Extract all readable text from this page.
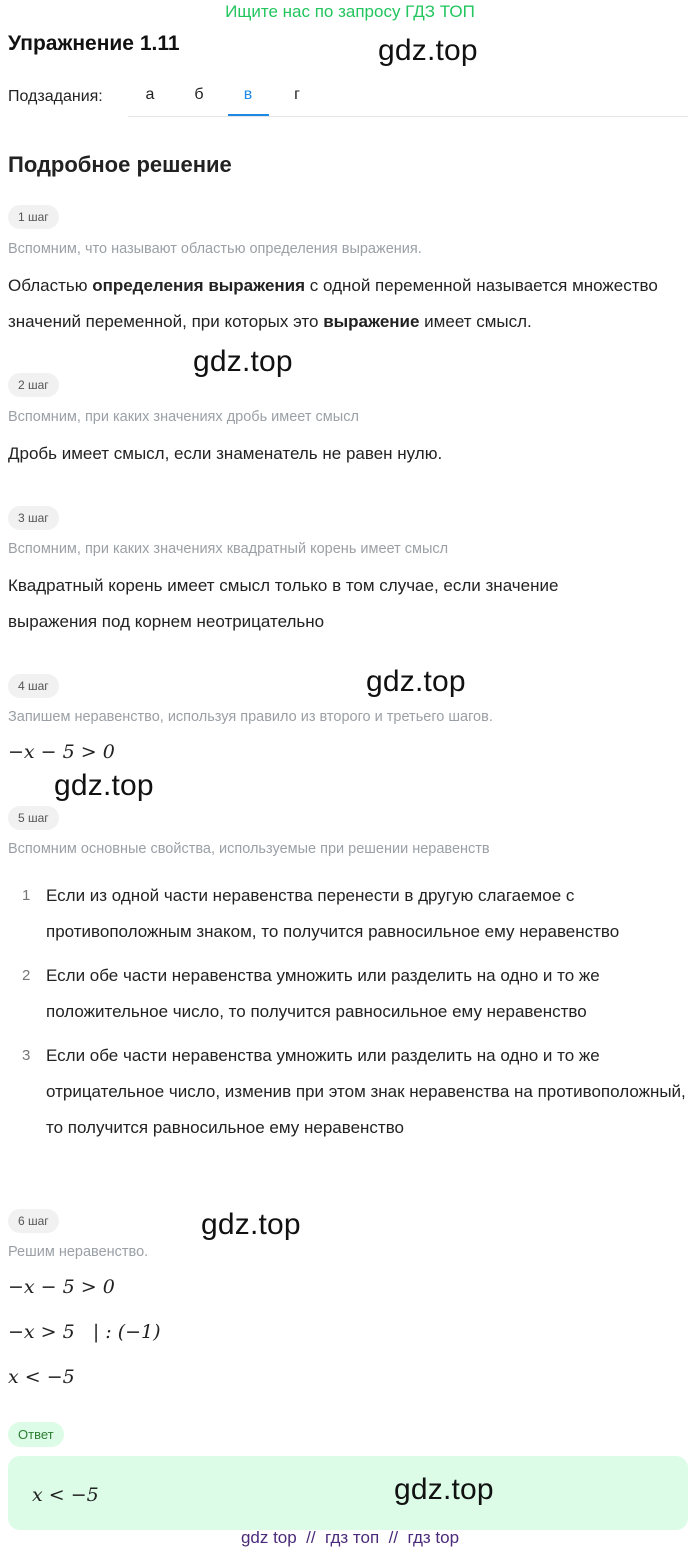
Ищите нас по запросу ГДЗ ТОП
Упражнение 1.11	gdz.top
Подзадания:	а	б	в	г
Подробное решение
1 шаг
Вспомним, что называют областью определения выражения.
Областью определения выражения с одной переменной называется множество значений переменной, при которых это выражение имеет смысл.
gdz.top
2 шаг
Вспомним, при каких значениях дробь имеет смысл
Дробь имеет смысл, если знаменатель не равен нулю.
3 шаг
Вспомним, при каких значениях квадратный корень имеет смысл
Квадратный корень имеет смысл только в том случае, если значение выражения под корнем неотрицательно
gdz.top
4 шаг
Запишем неравенство, используя правило из второго и третьего шагов.
−x − 5 > 0
gdz.top
5 шаг
Вспомним основные свойства, используемые при решении неравенств
1 Если из одной части неравенства перенести в другую слагаемое с противоположным знаком, то получится равносильное ему неравенство
2 Если обе части неравенства умножить или разделить на одно и то же положительное число, то получится равносильное ему неравенство
3 Если обе части неравенства умножить или разделить на одно и то же отрицательное число, изменив при этом знак неравенства на противоположный, то получится равносильное ему неравенство
6 шаг	gdz.top
Решим неравенство.
−x − 5 > 0
−x > 5   | : (−1)
x < −5
Ответ
x < −5	gdz.top
gdz top  //  гдз топ  //  гдз top
